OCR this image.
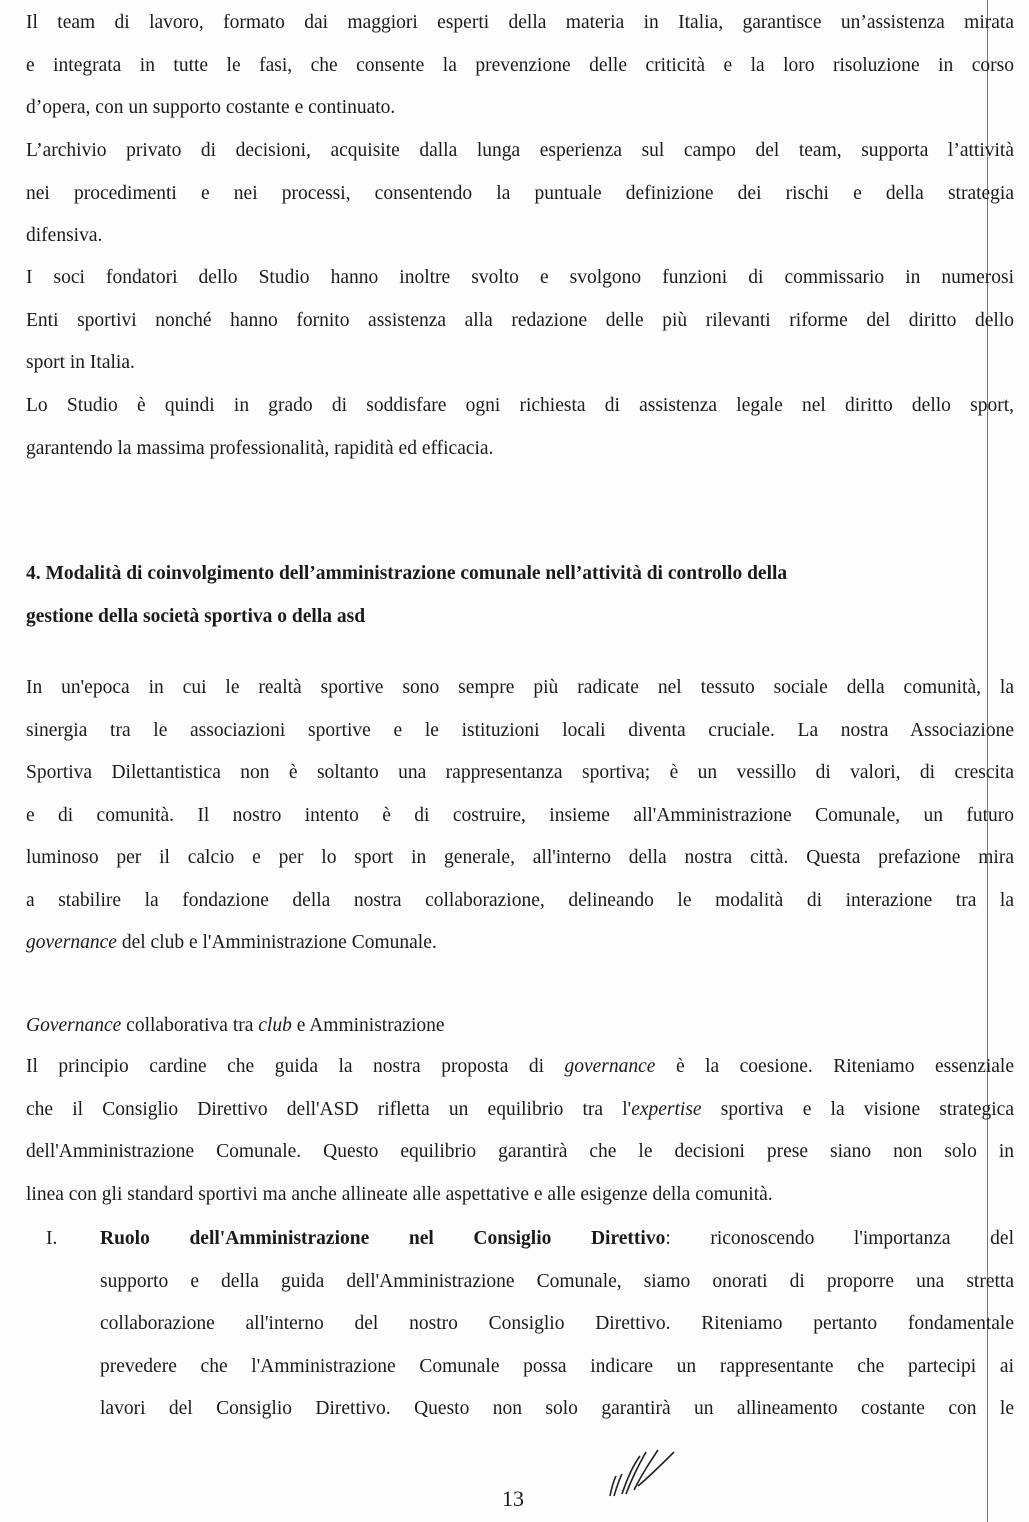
Il team di lavoro, formato dai maggiori esperti della materia in Italia, garantisce un’assistenza mirata
e integrata in tutte le fasi, che consente la prevenzione delle criticità e la loro risoluzione in corso
d’opera, con un supporto costante e continuato.
L’archivio privato di decisioni, acquisite dalla lunga esperienza sul campo del team, supporta l’attività
nei procedimenti e nei processi, consentendo la puntuale definizione dei rischi e della strategia
difensiva.
I soci fondatori dello Studio hanno inoltre svolto e svolgono funzioni di commissario in numerosi
Enti sportivi nonché hanno fornito assistenza alla redazione delle più rilevanti riforme del diritto dello
sport in Italia.
Lo Studio è quindi in grado di soddisfare ogni richiesta di assistenza legale nel diritto dello sport,
garantendo la massima professionalità, rapidità ed efficacia.
4. Modalità di coinvolgimento dell’amministrazione comunale nell’attività di controllo della
gestione della società sportiva o della asd
In un'epoca in cui le realtà sportive sono sempre più radicate nel tessuto sociale della comunità, la
sinergia tra le associazioni sportive e le istituzioni locali diventa cruciale. La nostra Associazione
Sportiva Dilettantistica non è soltanto una rappresentanza sportiva; è un vessillo di valori, di crescita
e di comunità. Il nostro intento è di costruire, insieme all'Amministrazione Comunale, un futuro
luminoso per il calcio e per lo sport in generale, all'interno della nostra città. Questa prefazione mira
a stabilire la fondazione della nostra collaborazione, delineando le modalità di interazione tra la
governance del club e l'Amministrazione Comunale.
Governance collaborativa tra club e Amministrazione
Il principio cardine che guida la nostra proposta di governance è la coesione. Riteniamo essenziale
che il Consiglio Direttivo dell'ASD rifletta un equilibrio tra l'expertise sportiva e la visione strategica
dell'Amministrazione Comunale. Questo equilibrio garantirà che le decisioni prese siano non solo in
linea con gli standard sportivi ma anche allineate alle aspettative e alle esigenze della comunità.
I. Ruolo dell'Amministrazione nel Consiglio Direttivo: riconoscendo l'importanza del
supporto e della guida dell'Amministrazione Comunale, siamo onorati di proporre una stretta
collaborazione all'interno del nostro Consiglio Direttivo. Riteniamo pertanto fondamentale
prevedere che l'Amministrazione Comunale possa indicare un rappresentante che partecipi ai
lavori del Consiglio Direttivo. Questo non solo garantirà un allineamento costante con le
13
